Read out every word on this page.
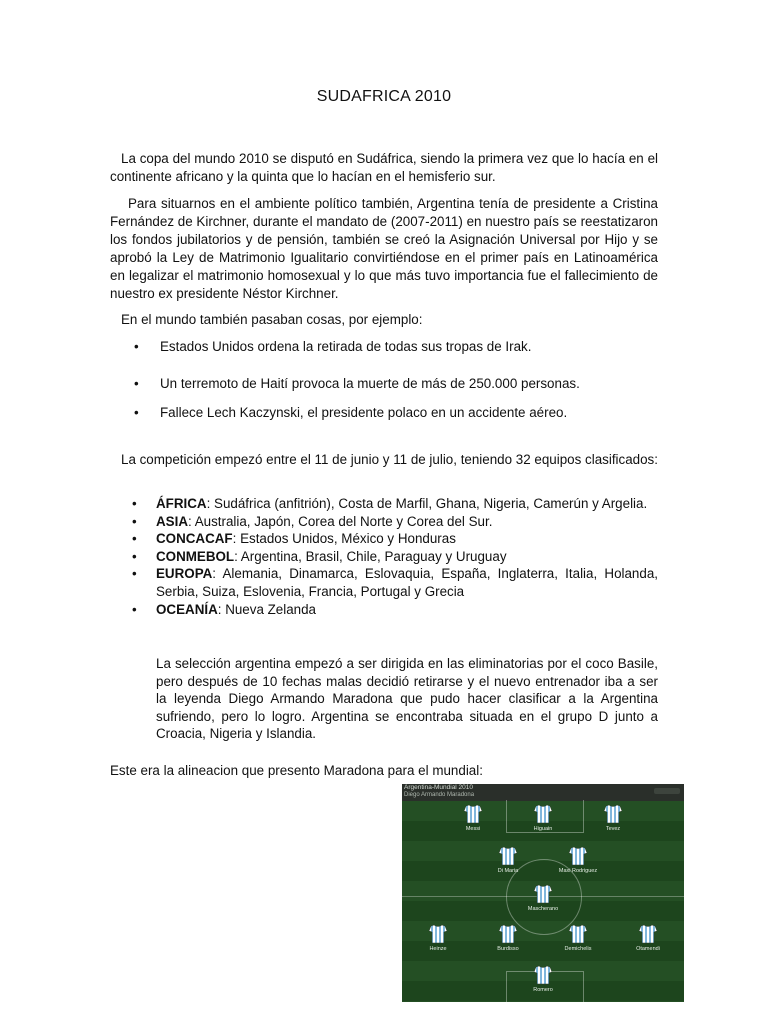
SUDAFRICA 2010

La copa del mundo 2010 se disputó en Sudáfrica, siendo la primera vez que lo hacía en el continente africano y la quinta que lo hacían en el hemisferio sur.

Para situarnos en el ambiente político también, Argentina tenía de presidente a Cristina Fernández de Kirchner, durante el mandato de (2007-2011) en nuestro país se reestatizaron los fondos jubilatorios y de pensión, también se creó la Asignación Universal por Hijo y se aprobó la Ley de Matrimonio Igualitario convirtiéndose en el primer país en Latinoamérica en legalizar el matrimonio homosexual y lo que más tuvo importancia fue el fallecimiento de nuestro ex presidente Néstor Kirchner.

En el mundo también pasaban cosas, por ejemplo:

• Estados Unidos ordena la retirada de todas sus tropas de Irak.
• Un terremoto de Haití provoca la muerte de más de 250.000 personas.
• Fallece Lech Kaczynski, el presidente polaco en un accidente aéreo.

La competición empezó entre el 11 de junio y 11 de julio, teniendo 32 equipos clasificados:

• ÁFRICA: Sudáfrica (anfitrión), Costa de Marfil, Ghana, Nigeria, Camerún y Argelia.
• ASIA: Australia, Japón, Corea del Norte y Corea del Sur.
• CONCACAF: Estados Unidos, México y Honduras
• CONMEBOL: Argentina, Brasil, Chile, Paraguay y Uruguay
• EUROPA: Alemania, Dinamarca, Eslovaquia, España, Inglaterra, Italia, Holanda, Serbia, Suiza, Eslovenia, Francia, Portugal y Grecia
• OCEANÍA: Nueva Zelanda

La selección argentina empezó a ser dirigida en las eliminatorias por el coco Basile, pero después de 10 fechas malas decidió retirarse y el nuevo entrenador iba a ser la leyenda Diego Armando Maradona que pudo hacer clasificar a la Argentina sufriendo, pero lo logro. Argentina se encontraba situada en el grupo D junto a Croacia, Nigeria y Islandia.

Este era la alineacion que presento Maradona para el mundial:
Argentina-Mundial 2010
Diego Armando Maradona
Messi	Higuain	Tevez
Di Maria	Maxi Rodriguez
Mascherano
Heinze	Burdisso	Demichelis	Otamendi
Romero
